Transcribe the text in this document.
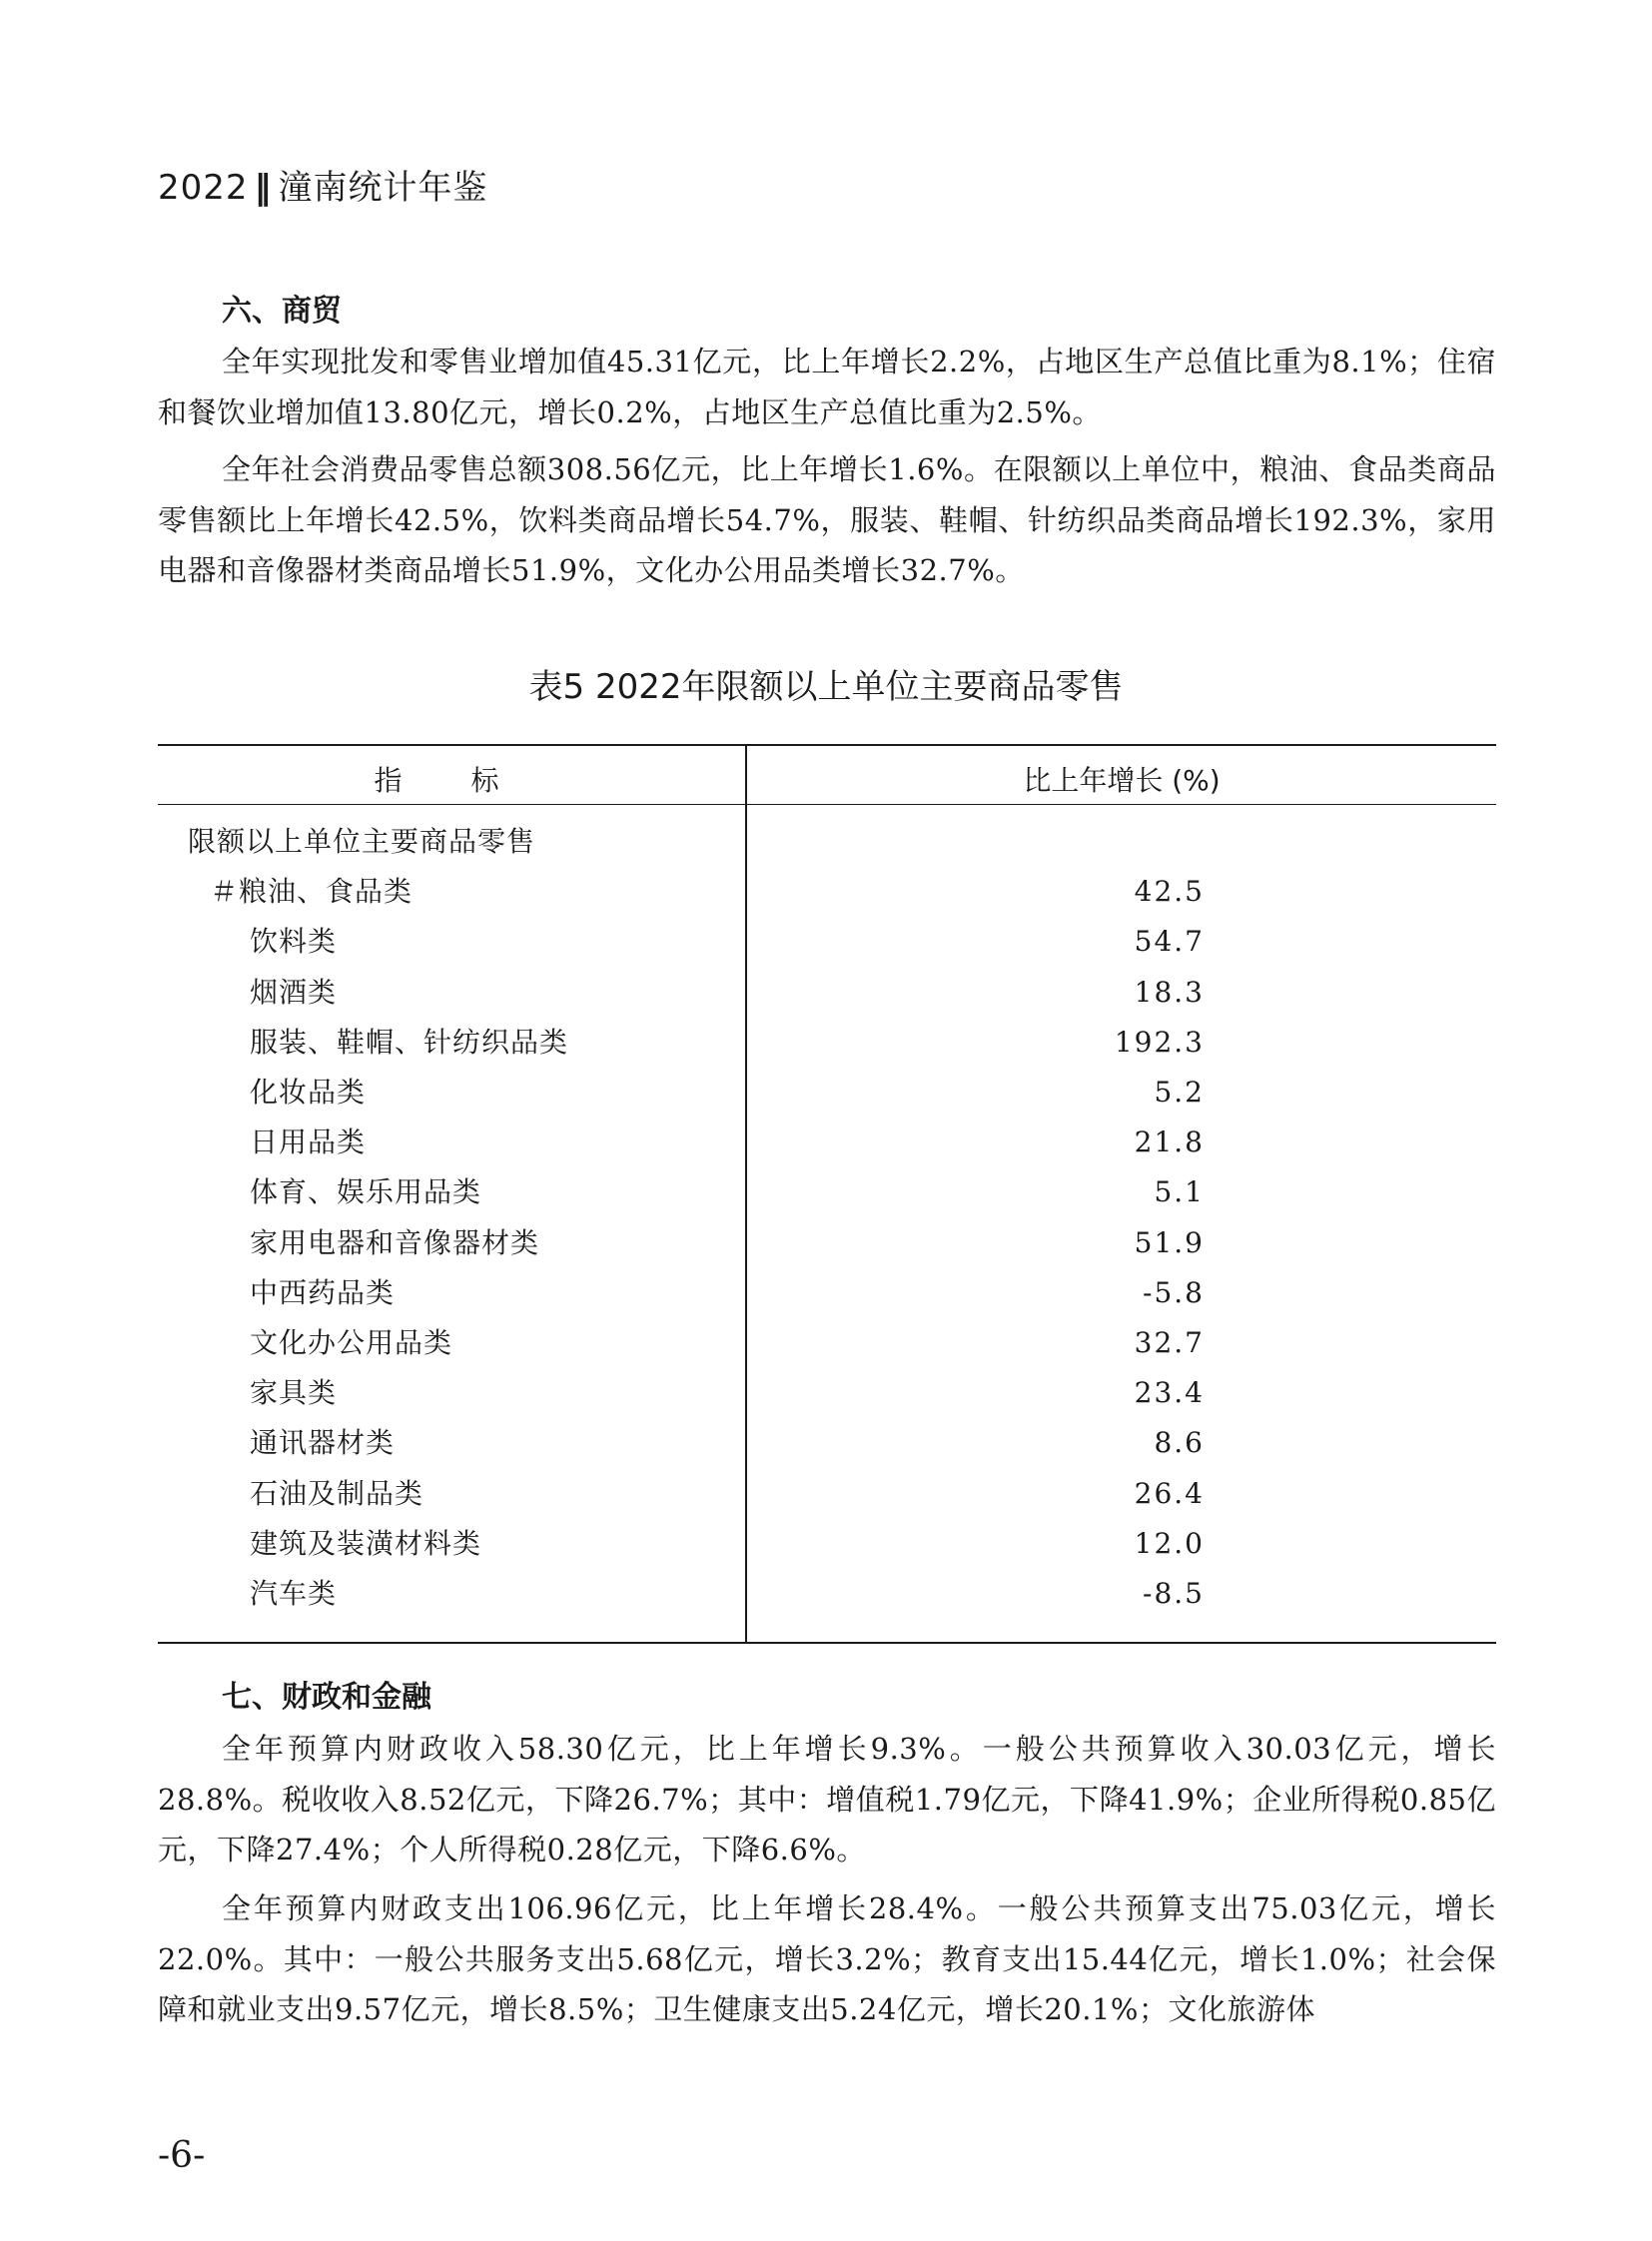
2022 ‖ 潼南统计年鉴
六、商贸
全年实现批发和零售业增加值45.31亿元，比上年增长2.2%，占地区生产总值比重为8.1%；住宿和餐饮业增加值13.80亿元，增长0.2%，占地区生产总值比重为2.5%。
全年社会消费品零售总额308.56亿元，比上年增长1.6%。在限额以上单位中，粮油、食品类商品零售额比上年增长42.5%，饮料类商品增长54.7%，服装、鞋帽、针纺织品类商品增长192.3%，家用电器和音像器材类商品增长51.9%，文化办公用品类增长32.7%。
表5 2022年限额以上单位主要商品零售
指 标	比上年增长 (%)
限额以上单位主要商品零售
＃粮油、食品类	42.5
饮料类	54.7
烟酒类	18.3
服装、鞋帽、针纺织品类	192.3
化妆品类	5.2
日用品类	21.8
体育、娱乐用品类	5.1
家用电器和音像器材类	51.9
中西药品类	-5.8
文化办公用品类	32.7
家具类	23.4
通讯器材类	8.6
石油及制品类	26.4
建筑及装潢材料类	12.0
汽车类	-8.5
七、财政和金融
全年预算内财政收入58.30亿元，比上年增长9.3%。一般公共预算收入30.03亿元，增长28.8%。税收收入8.52亿元，下降26.7%；其中：增值税1.79亿元，下降41.9%；企业所得税0.85亿元，下降27.4%；个人所得税0.28亿元，下降6.6%。
全年预算内财政支出106.96亿元，比上年增长28.4%。一般公共预算支出75.03亿元，增长22.0%。其中：一般公共服务支出5.68亿元，增长3.2%；教育支出15.44亿元，增长1.0%；社会保障和就业支出9.57亿元，增长8.5%；卫生健康支出5.24亿元，增长20.1%；文化旅游体
-6-
